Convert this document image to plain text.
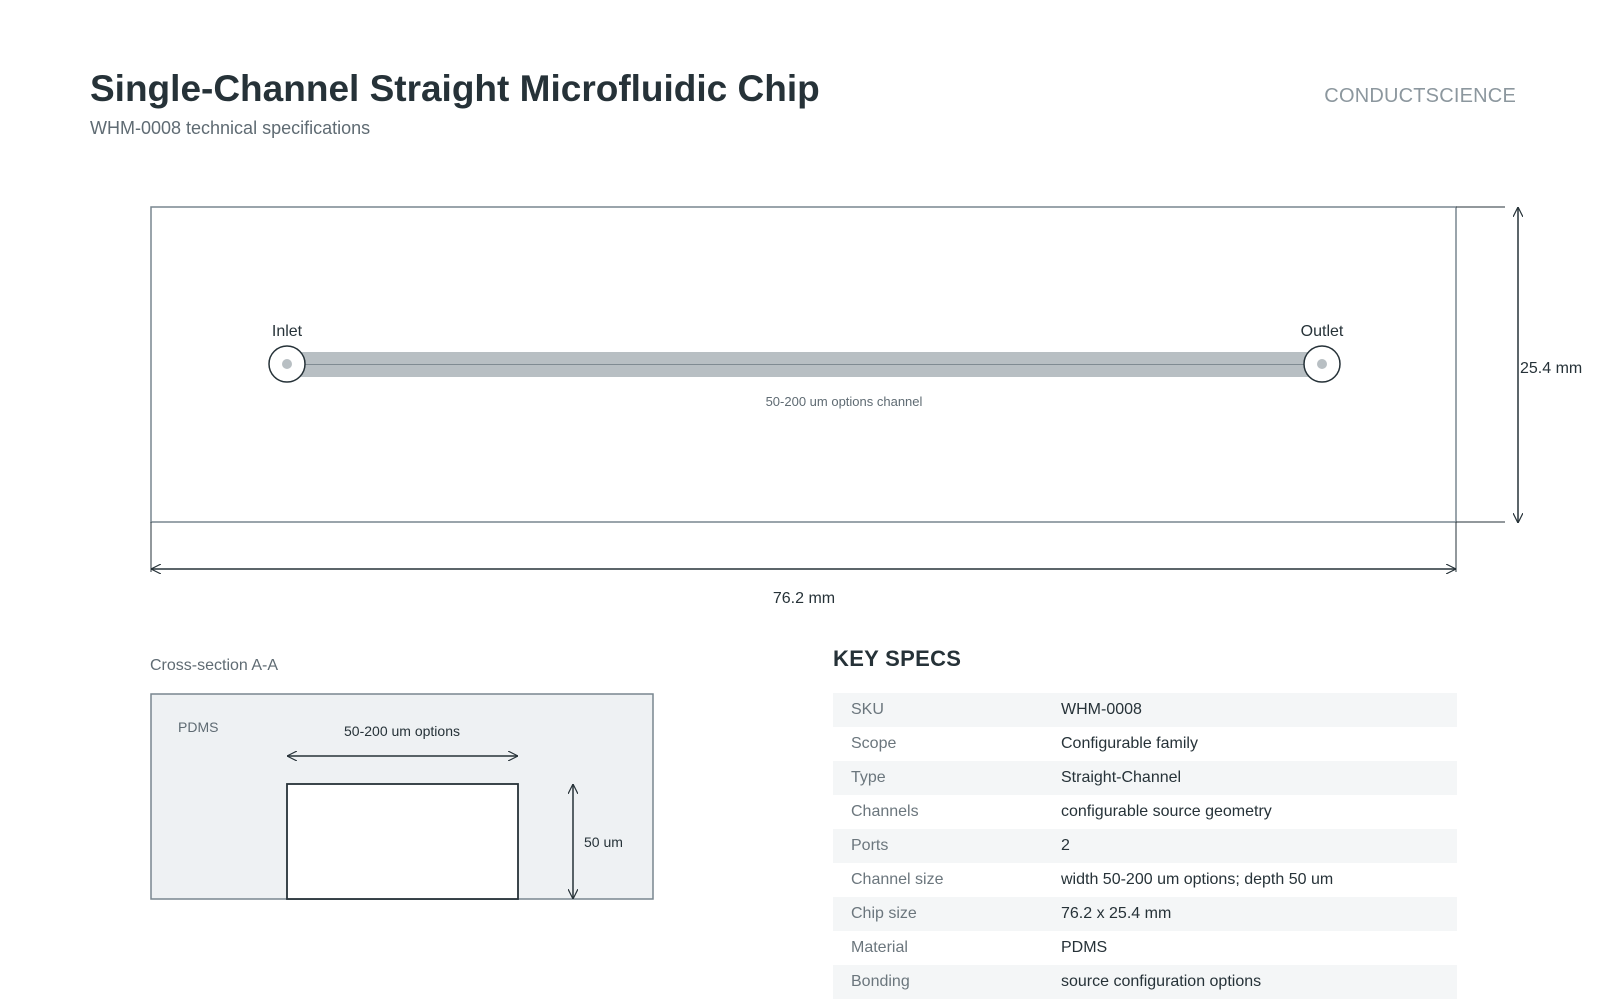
Single-Channel Straight Microfluidic Chip
WHM-0008 technical specifications
CONDUCTSCIENCE
Inlet	Outlet
50-200 um options channel
25.4 mm
76.2 mm
PDMS	50-200 um options
50 um
Cross-section A-A	KEY SPECS
SKU	WHM-0008
Scope	Configurable family
Type	Straight-Channel
Channels	configurable source geometry
Ports	2
Channel size	width 50-200 um options; depth 50 um
Chip size	76.2 x 25.4 mm
Material	PDMS
Bonding	source configuration options
